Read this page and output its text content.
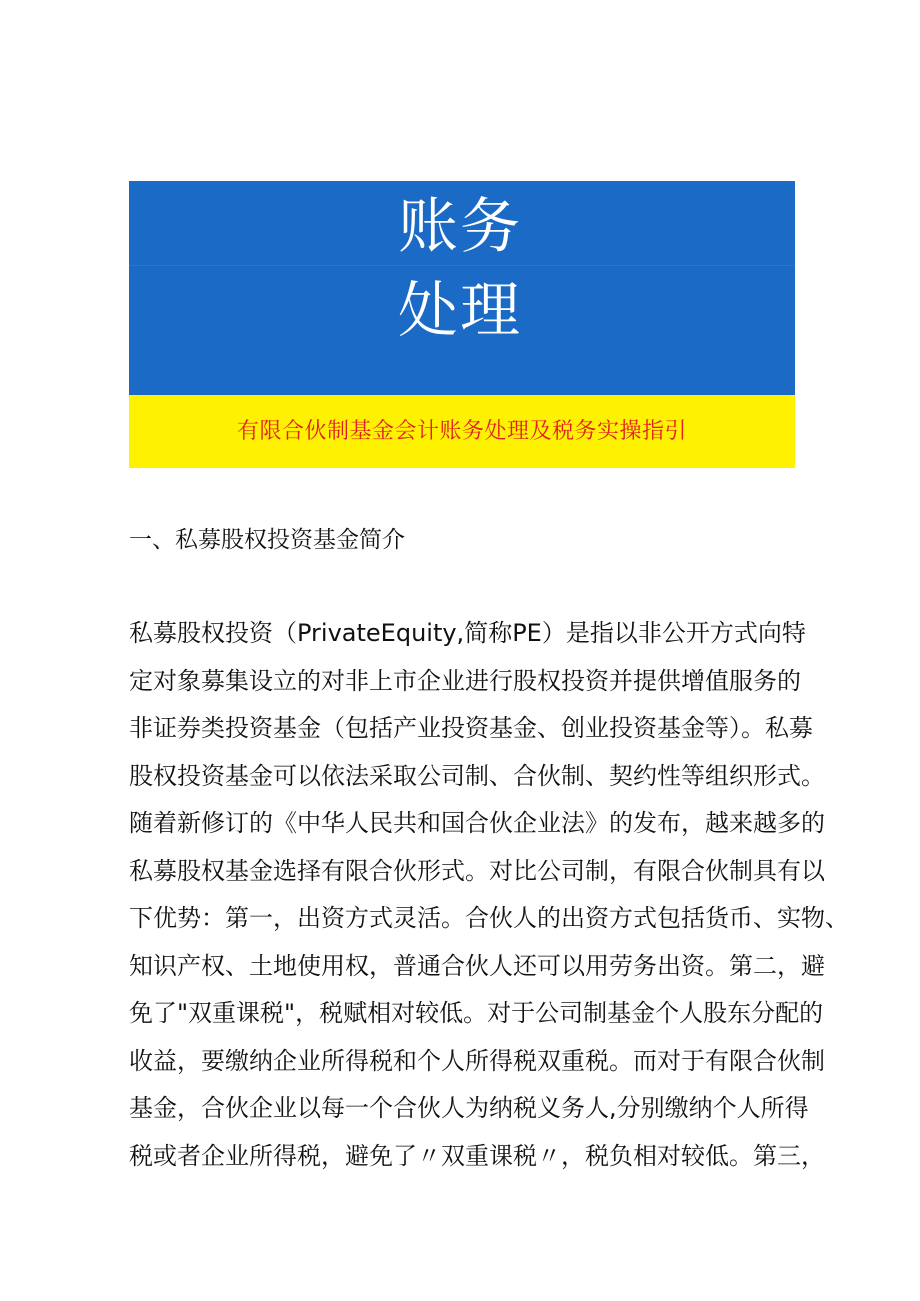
账务
处理
有限合伙制基金会计账务处理及税务实操指引
一、私募股权投资基金简介
私募股权投资（PrivateEquity,简称PE）是指以非公开方式向特
定对象募集设立的对非上市企业进行股权投资并提供增值服务的
非证券类投资基金（包括产业投资基金、创业投资基金等）。私募
股权投资基金可以依法采取公司制、合伙制、契约性等组织形式。
随着新修订的《中华人民共和国合伙企业法》的发布，越来越多的
私募股权基金选择有限合伙形式。对比公司制，有限合伙制具有以
下优势：第一，出资方式灵活。合伙人的出资方式包括货币、实物、
知识产权、土地使用权，普通合伙人还可以用劳务出资。第二，避
免了"双重课税"，税赋相对较低。对于公司制基金个人股东分配的
收益，要缴纳企业所得税和个人所得税双重税。而对于有限合伙制
基金，合伙企业以每一个合伙人为纳税义务人,分别缴纳个人所得
税或者企业所得税，避免了〃双重课税〃，税负相对较低。第三，
